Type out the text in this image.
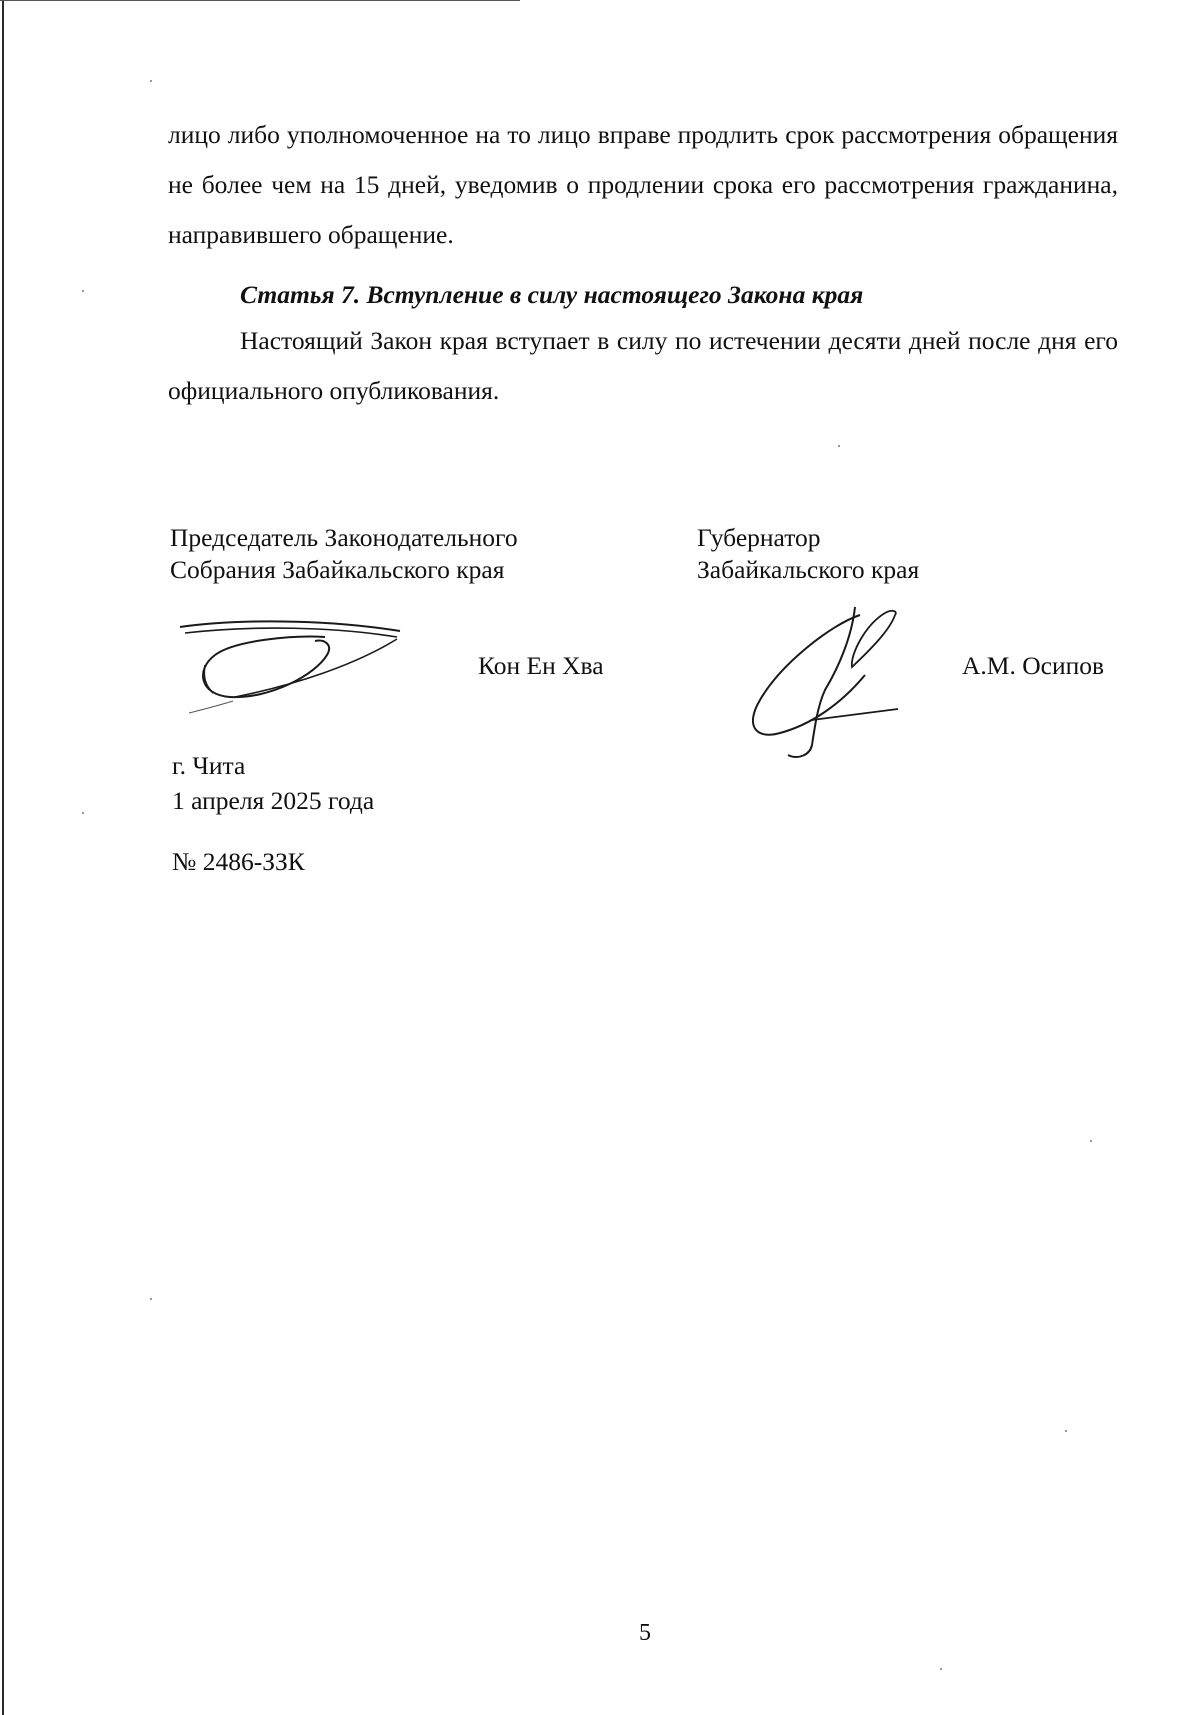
лицо либо уполномоченное на то лицо вправе продлить срок рассмотрения обращения не более чем на 15 дней, уведомив о продлении срока его рассмотрения гражданина, направившего обращение.

Статья 7. Вступление в силу настоящего Закона края

Настоящий Закон края вступает в силу по истечении десяти дней после дня его официального опубликования.

Председатель Законодательного
Собрания Забайкальского края
Губернатор
Забайкальского края
Кон Ен Хва	А.М. Осипов
г. Чита
1 апреля 2025 года
№ 2486-ЗЗК
5
